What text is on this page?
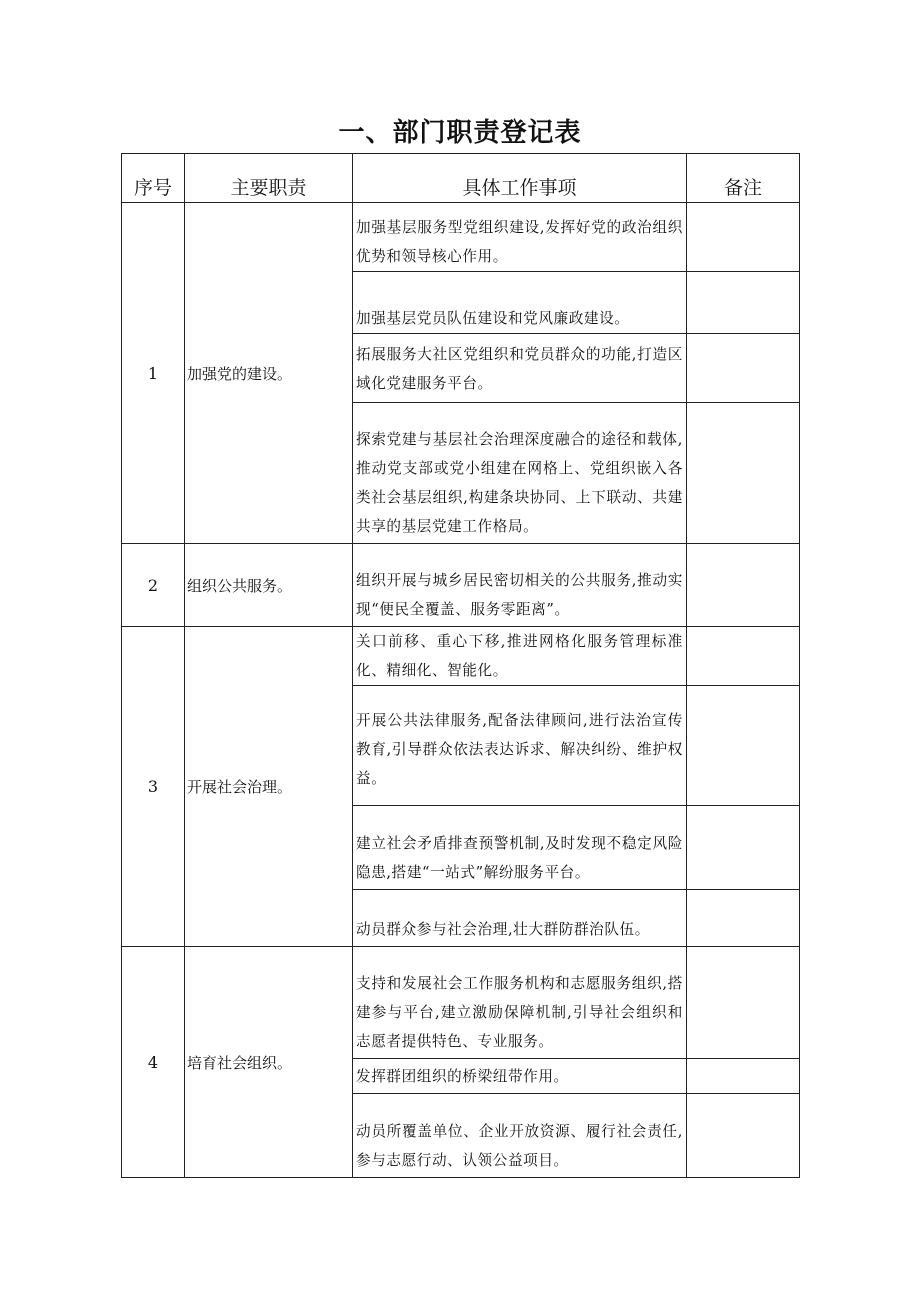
一、部门职责登记表
序号	主要职责	具体工作事项	备注
1	加强党的建设。	加强基层服务型党组织建设,发挥好党的政治组织优势和领导核心作用。	
		加强基层党员队伍建设和党风廉政建设。	
		拓展服务大社区党组织和党员群众的功能,打造区域化党建服务平台。	
		探索党建与基层社会治理深度融合的途径和载体,推动党支部或党小组建在网格上、党组织嵌入各类社会基层组织,构建条块协同、上下联动、共建共享的基层党建工作格局。	
2	组织公共服务。	组织开展与城乡居民密切相关的公共服务,推动实现“便民全覆盖、服务零距离”。	
3	开展社会治理。	关口前移、重心下移,推进网格化服务管理标准化、精细化、智能化。	
		开展公共法律服务,配备法律顾问,进行法治宣传教育,引导群众依法表达诉求、解决纠纷、维护权益。	
		建立社会矛盾排查预警机制,及时发现不稳定风险隐患,搭建“一站式”解纷服务平台。	
		动员群众参与社会治理,壮大群防群治队伍。	
4	培育社会组织。	支持和发展社会工作服务机构和志愿服务组织,搭建参与平台,建立激励保障机制,引导社会组织和志愿者提供特色、专业服务。	
		发挥群团组织的桥梁纽带作用。	
		动员所覆盖单位、企业开放资源、履行社会责任,参与志愿行动、认领公益项目。	
